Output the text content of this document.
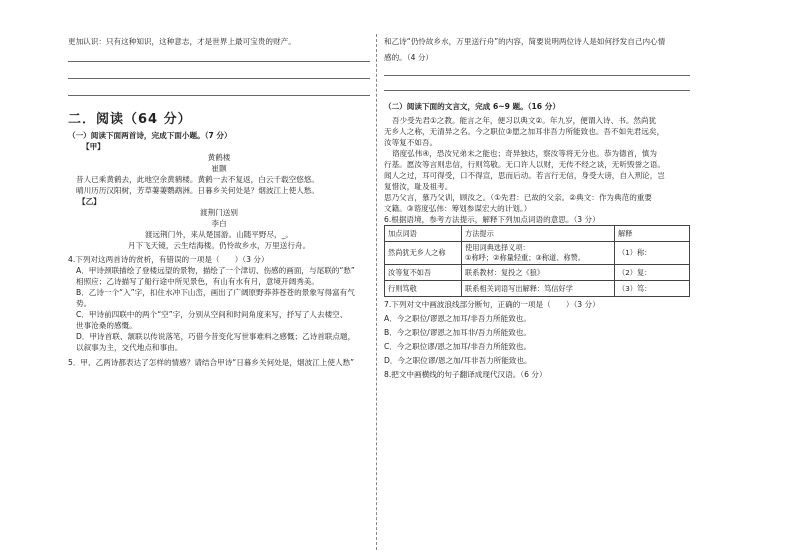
更加认识：只有这种知识，这种意志，才是世界上最可宝贵的财产。
二．阅读（64 分）
（一）阅读下面两首诗，完成下面小题。（7 分）
【甲】
黄鹤楼
崔颢
昔人已乘黄鹤去，此地空余黄鹤楼。黄鹤一去不复返，白云千载空悠悠。
晴川历历汉阳树，芳草萋萋鹦鹉洲。日暮乡关何处是？烟波江上使人愁。
【乙】
渡荆门送别
李白
渡远荆门外，来从楚国游。山随平野尽，_。
月下飞天镜，云生结海楼。仍怜故乡水，万里送行舟。
4.下列对这两首诗的赏析，有错误的一项是（　　）（3 分）
A．甲诗颈联描绘了登楼远望的景物，描绘了一个津切、伤感的画面，与尾联的“愁”
相照应；乙诗描写了船行途中所见景色，有山有水有月，意境开阔秀美。
B．乙诗一个“入”字，扣住水冲下山峦，画出了广阔原野莽莽苍苍的景象写得富有气
势。
C．甲诗前四联中的两个“空”字，分别从空间和时间角度来写，抒写了人去楼空、
世事沧桑的感慨。
D．甲诗首联、颔联以传说落笔，巧借今昔变化写世事难料之感慨；乙诗首联点题，
以叙事为主，交代地点和事由。
5．甲、乙两诗都表达了怎样的情感？请结合甲诗“日暮乡关何处是，烟波江上使人愁”
和乙诗“仍怜故乡水，万里送行舟”的内容，简要说明两位诗人是如何抒发自己内心情
感的。（4 分）
（二）阅读下面的文言文，完成 6~9 题。（16 分）
吾少受先君①之教。能言之年，便习以典文②。年九岁，便谓入诗、书。然尚犹
无乡人之称，无清异之名。今之职位③愿之加耳非吾力所能致也。吾不如先君远矣，
汝等复不如吾。
谘度弘伟④，恐汝兄弟未之能也；奇异独达，察汝等将无分也。恭为德首，慎为
行基。愿汝等言则忠信，行则笃敬。无口许人以财，无传不经之谈，无听毁誉之语。
闻人之过，耳可得受，口不得宣，思而后动。若言行无信，身受大谤，自入刑论，岂
复惜汝，耻及祖考。
思乃父言，慕乃父训，顾汝之。（①先君：已故的父亲。②典文：作为典范的重要
文籍。③谘度弘伟：筹划参谋宏大的计划。）
6.根据语境，参考方法提示，解释下列加点词语的意思。（3 分）
加点词语	方法提示	解释
然尚犹无乡人之称	使用词典选择义项：
①称呼；②称量轻重；③称道、称赞。	（1）称：
汝等复不如吾	联系教材：复投之《狼》	（2）复：
行则笃敬	联系相关词语写出解释：笃信好学	（3）笃：
7.下列对文中画波浪线部分断句，正确的一项是（　　）（3 分）
A．今之职位/谬恩之加耳/非吾力所能致也。
B．今之职位/谬恩之加耳非/吾力所能致也。
C．今之职位谬/恩之加耳/非吾力所能致也。
D．今之职位谬/恩之加/耳非吾力所能致也。
8.把文中画横线的句子翻译成现代汉语。（6 分）
